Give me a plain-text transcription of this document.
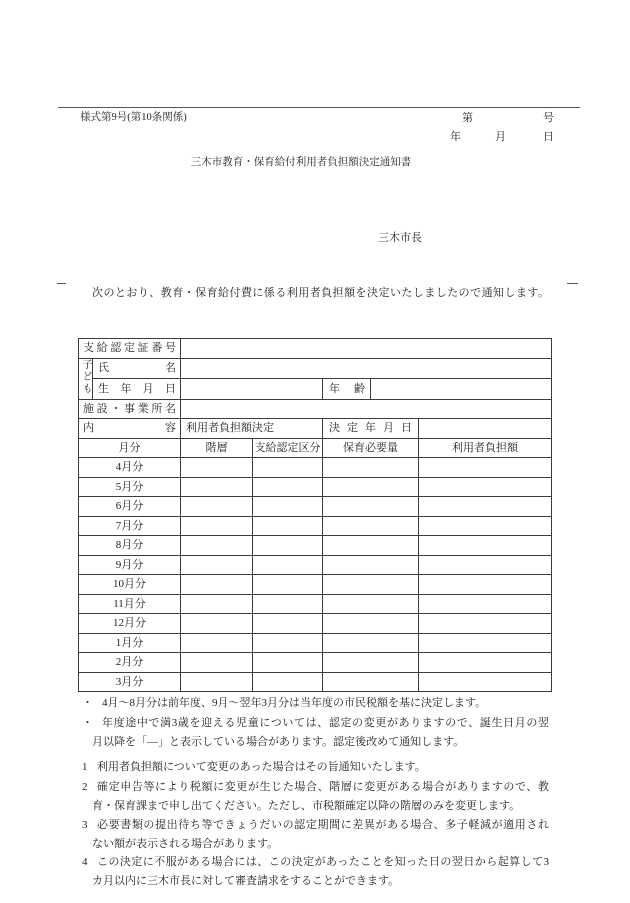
様式第9号(第10条関係)	第	号
年	月	日
三木市教育・保育給付利用者負担額決定通知書
三木市長
次のとおり、教育・保育給付費に係る利用者負担額を決定いたしましたので通知します。
支給認定証番号						
子ども	氏　　名					
	生 年 月 日			年　齢		
施設・事業所名						
内　　　　容		利用者負担額決定		決 定 年 月 日		
月分		階層	支給認定区分	保育必要量		利用者負担額
4月分						
5月分						
6月分						
7月分						
8月分						
9月分						
10月分						
11月分						
12月分						
1月分						
2月分						
3月分						
・ 4月～8月分は前年度、9月～翌年3月分は当年度の市民税額を基に決定します。
・ 年度途中で満3歳を迎える児童については、認定の変更がありますので、誕生日月の翌
月以降を「―」と表示している場合があります。認定後改めて通知します。
1 利用者負担額について変更のあった場合はその旨通知いたします。
2 確定申告等により税額に変更が生じた場合、階層に変更がある場合がありますので、教
育・保育課まで申し出てください。ただし、市税額確定以降の階層のみを変更します。
3 必要書類の提出待ち等できょうだいの認定期間に差異がある場合、多子軽減が適用され
ない額が表示される場合があります。
4 この決定に不服がある場合には、この決定があったことを知った日の翌日から起算して3
カ月以内に三木市長に対して審査請求をすることができます。
